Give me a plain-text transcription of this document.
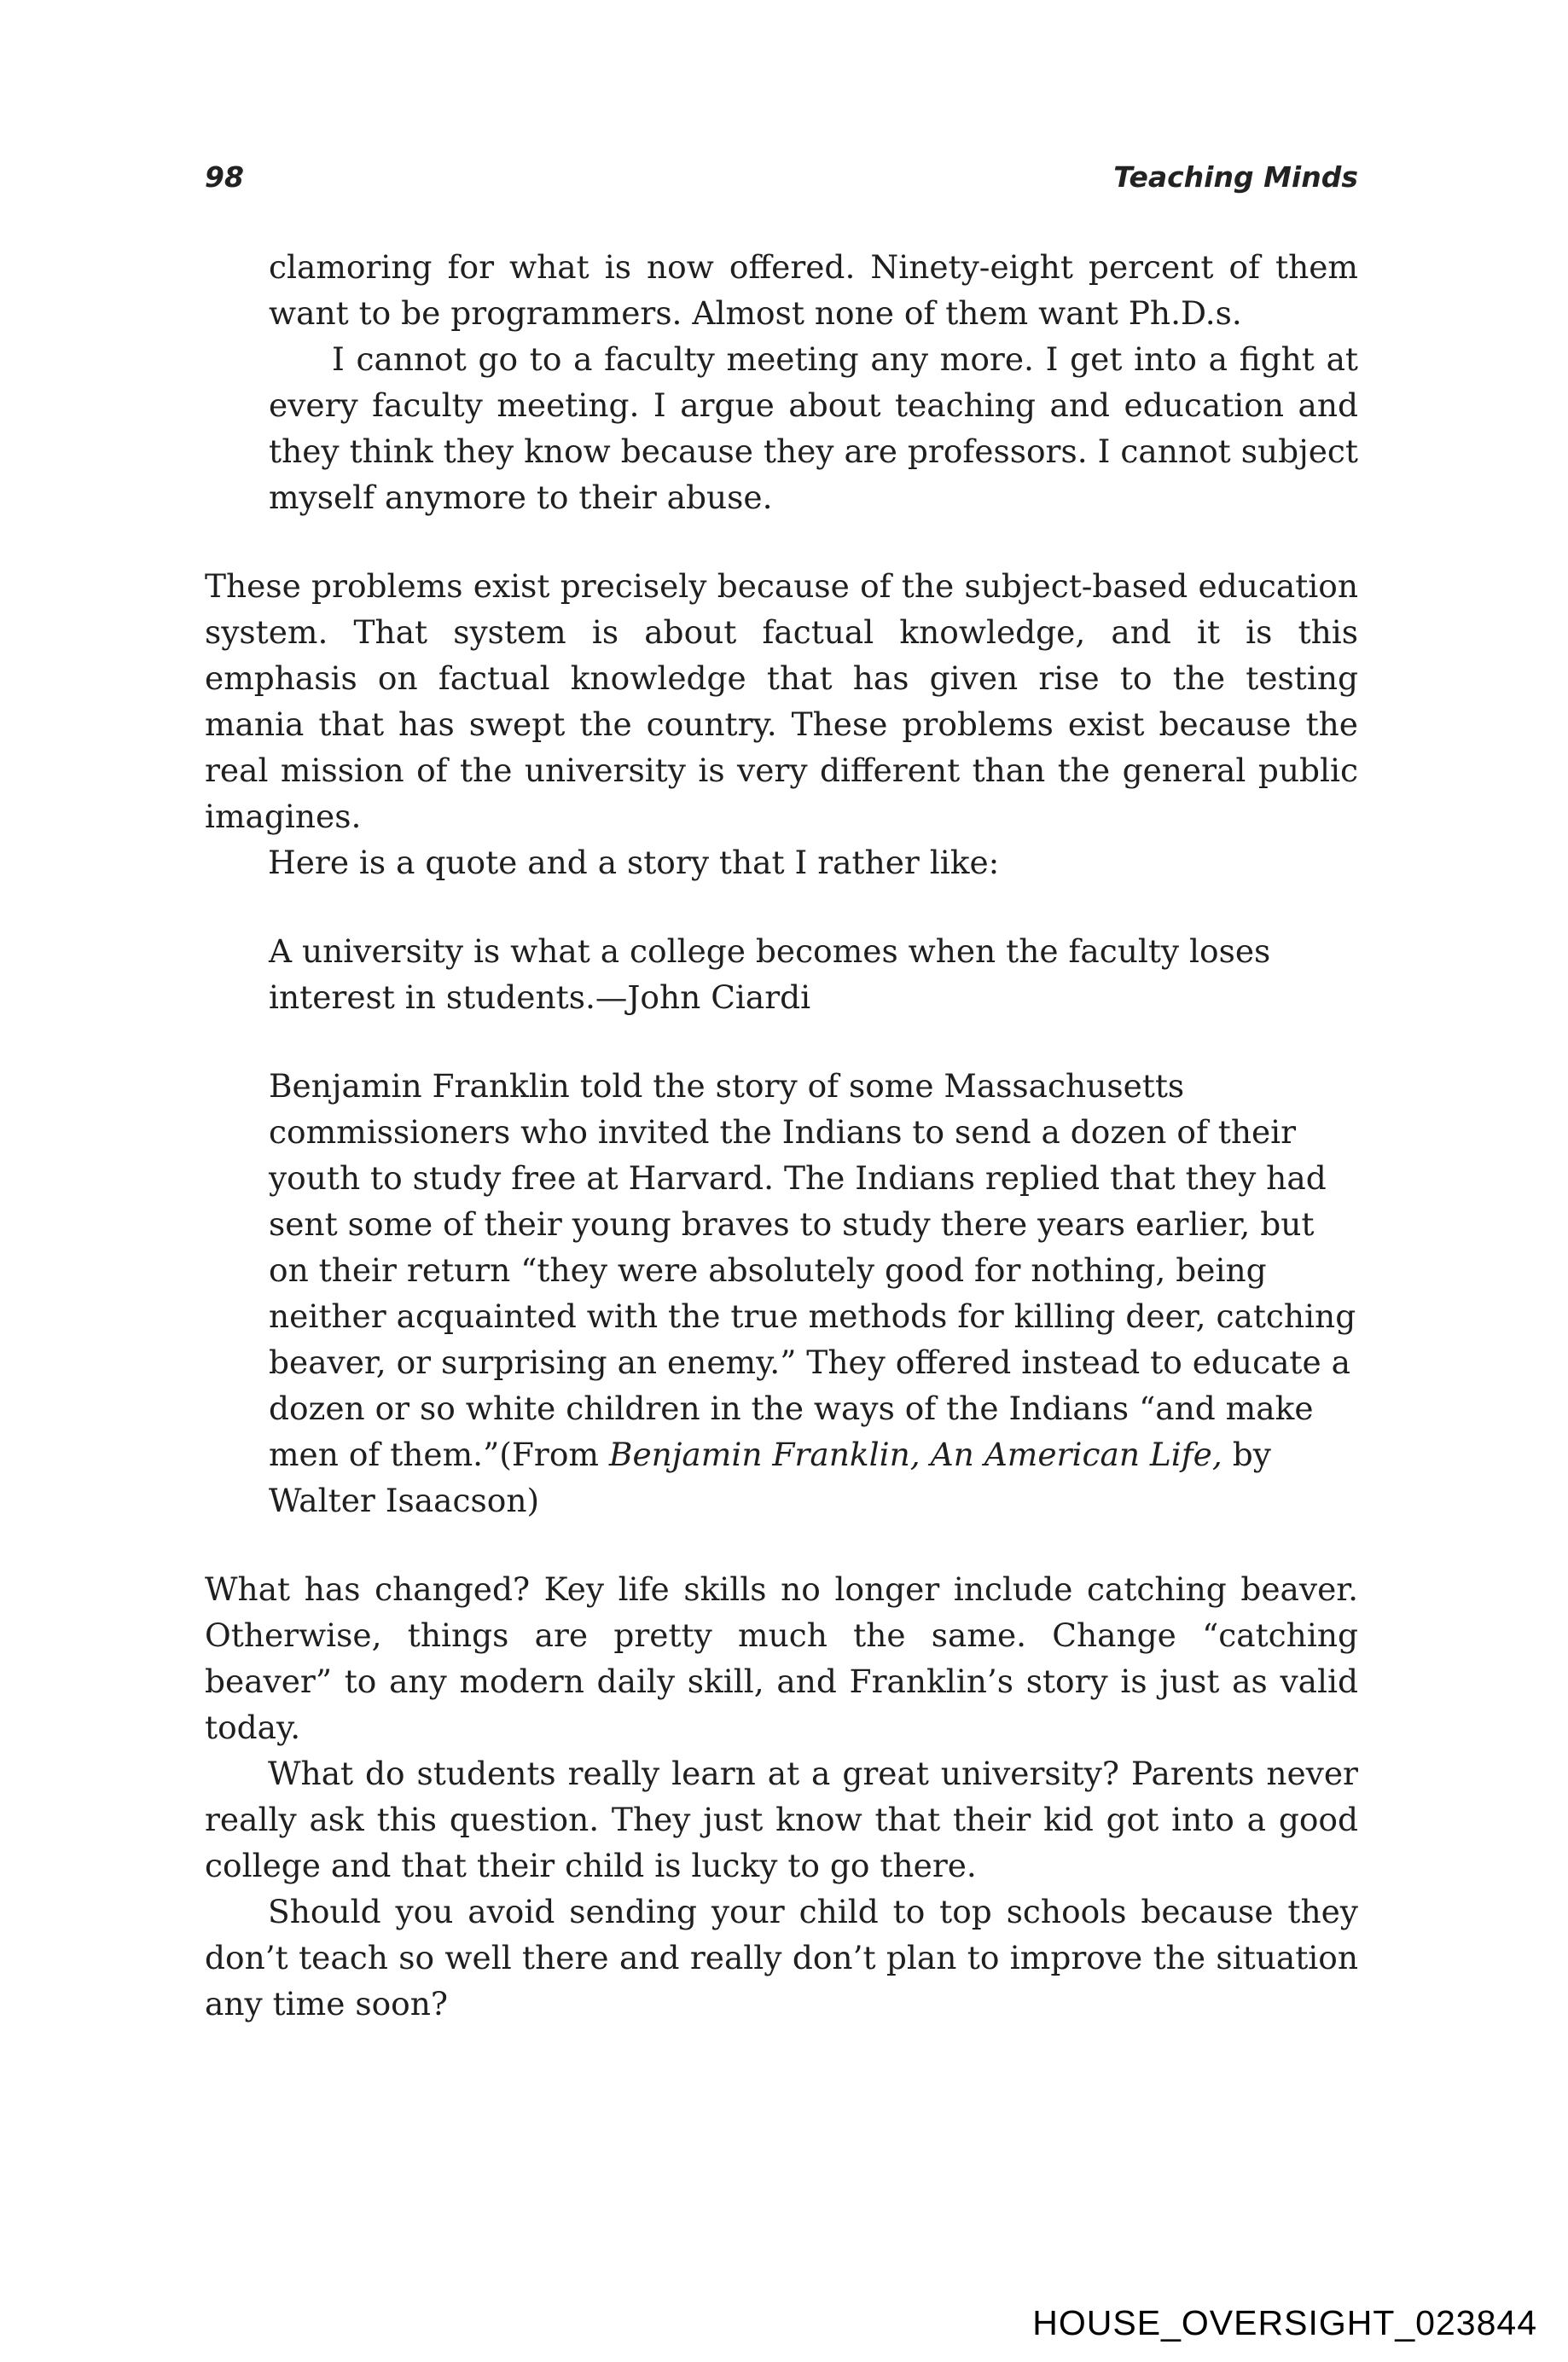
98	Teaching Minds

clamoring for what is now offered. Ninety-eight percent of them want to be programmers. Almost none of them want Ph.D.s.

I cannot go to a faculty meeting any more. I get into a fight at every faculty meeting. I argue about teaching and education and they think they know because they are professors. I cannot subject myself anymore to their abuse.

These problems exist precisely because of the subject-based education system. That system is about factual knowledge, and it is this emphasis on factual knowledge that has given rise to the testing mania that has swept the country. These problems exist because the real mission of the university is very different than the general public imagines.

Here is a quote and a story that I rather like:

A university is what a college becomes when the faculty loses interest in students.—John Ciardi

Benjamin Franklin told the story of some Massachusetts commissioners who invited the Indians to send a dozen of their youth to study free at Harvard. The Indians replied that they had sent some of their young braves to study there years earlier, but on their return “they were absolutely good for nothing, being neither acquainted with the true methods for killing deer, catching beaver, or surprising an enemy.” They offered instead to educate a dozen or so white children in the ways of the Indians “and make men of them.”(From Benjamin Franklin, An American Life, by Walter Isaacson)

What has changed? Key life skills no longer include catching beaver. Otherwise, things are pretty much the same. Change “catching beaver” to any modern daily skill, and Franklin’s story is just as valid today.

What do students really learn at a great university? Parents never really ask this question. They just know that their kid got into a good college and that their child is lucky to go there.

Should you avoid sending your child to top schools because they don’t teach so well there and really don’t plan to improve the situation any time soon?

HOUSE_OVERSIGHT_023844
